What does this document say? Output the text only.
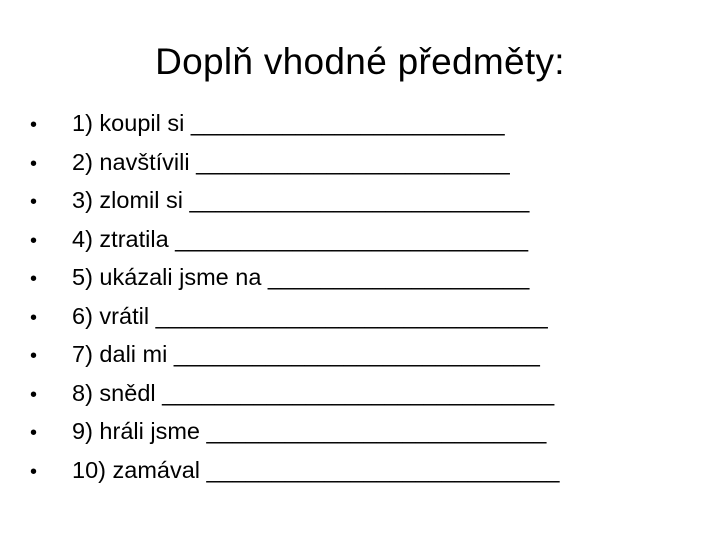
Doplň vhodné předměty:
•	1) koupil si ________________________
•	2) navštívili ________________________
•	3) zlomil si __________________________
•	4) ztratila ___________________________
•	5) ukázali jsme na ____________________
•	6) vrátil ______________________________
•	7) dali mi ____________________________
•	8) snědl ______________________________
•	9) hráli jsme __________________________
•	10) zamával ___________________________
